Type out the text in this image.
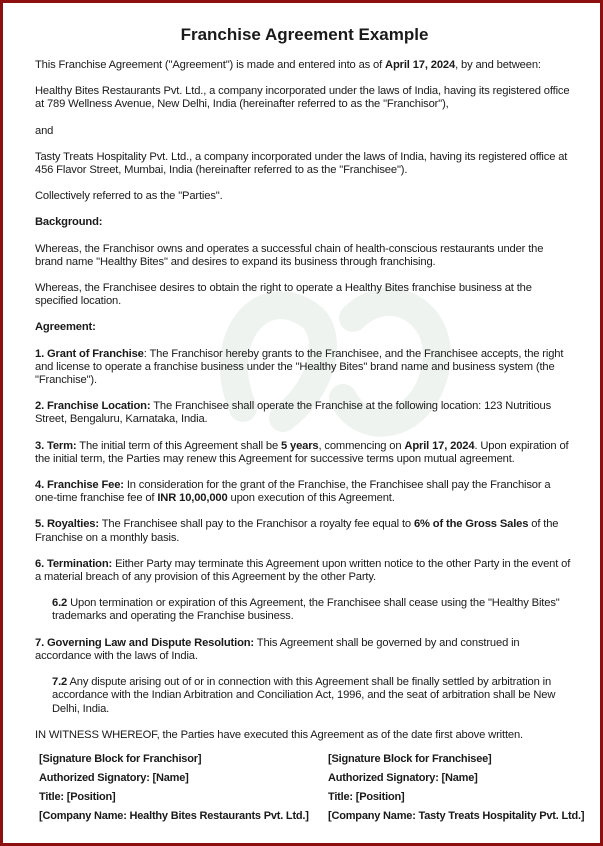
Franchise Agreement Example

This Franchise Agreement ("Agreement") is made and entered into as of April 17, 2024, by and between:

Healthy Bites Restaurants Pvt. Ltd., a company incorporated under the laws of India, having its registered office at 789 Wellness Avenue, New Delhi, India (hereinafter referred to as the "Franchisor"),

and

Tasty Treats Hospitality Pvt. Ltd., a company incorporated under the laws of India, having its registered office at 456 Flavor Street, Mumbai, India (hereinafter referred to as the "Franchisee").

Collectively referred to as the "Parties".

Background:

Whereas, the Franchisor owns and operates a successful chain of health-conscious restaurants under the brand name "Healthy Bites" and desires to expand its business through franchising.

Whereas, the Franchisee desires to obtain the right to operate a Healthy Bites franchise business at the specified location.

Agreement:

1. Grant of Franchise: The Franchisor hereby grants to the Franchisee, and the Franchisee accepts, the right and license to operate a franchise business under the "Healthy Bites" brand name and business system (the "Franchise").

2. Franchise Location: The Franchisee shall operate the Franchise at the following location: 123 Nutritious Street, Bengaluru, Karnataka, India.

3. Term: The initial term of this Agreement shall be 5 years, commencing on April 17, 2024. Upon expiration of the initial term, the Parties may renew this Agreement for successive terms upon mutual agreement.

4. Franchise Fee: In consideration for the grant of the Franchise, the Franchisee shall pay the Franchisor a one-time franchise fee of INR 10,00,000 upon execution of this Agreement.

5. Royalties: The Franchisee shall pay to the Franchisor a royalty fee equal to 6% of the Gross Sales of the Franchise on a monthly basis.

6. Termination: Either Party may terminate this Agreement upon written notice to the other Party in the event of a material breach of any provision of this Agreement by the other Party.

6.2 Upon termination or expiration of this Agreement, the Franchisee shall cease using the "Healthy Bites" trademarks and operating the Franchise business.

7. Governing Law and Dispute Resolution: This Agreement shall be governed by and construed in accordance with the laws of India.

7.2 Any dispute arising out of or in connection with this Agreement shall be finally settled by arbitration in accordance with the Indian Arbitration and Conciliation Act, 1996, and the seat of arbitration shall be New Delhi, India.

IN WITNESS WHEREOF, the Parties have executed this Agreement as of the date first above written.

[Signature Block for Franchisor]	[Signature Block for Franchisee]
Authorized Signatory: [Name]	Authorized Signatory: [Name]
Title: [Position]	Title: [Position]
[Company Name: Healthy Bites Restaurants Pvt. Ltd.]	[Company Name: Tasty Treats Hospitality Pvt. Ltd.]
